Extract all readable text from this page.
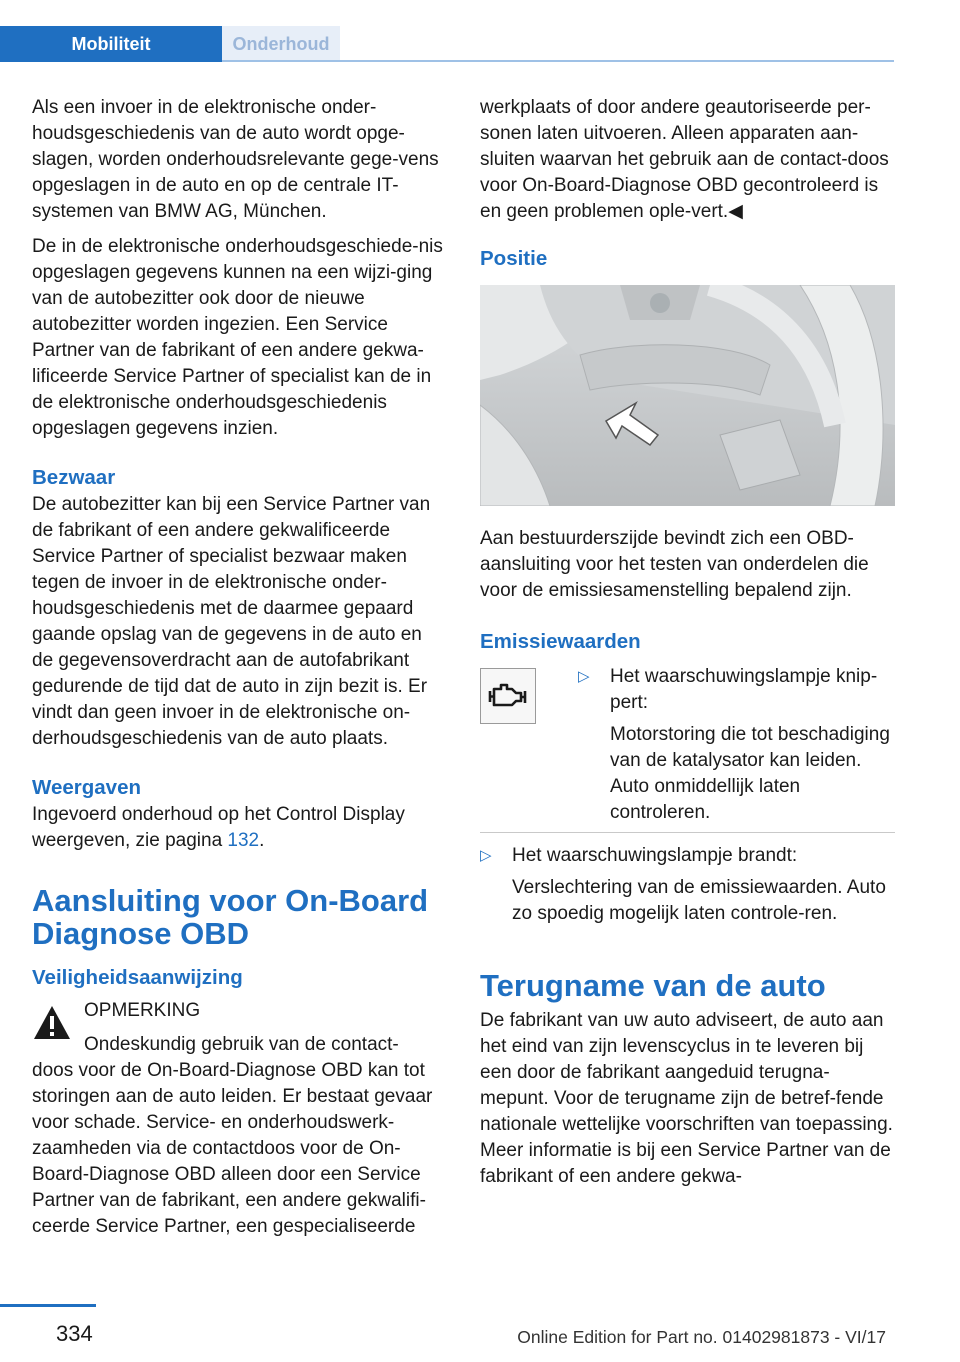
Mobiliteit	Onderhoud

Als een invoer in de elektronische onder-houdsgeschiedenis van de auto wordt opge-slagen, worden onderhoudsrelevante gege-vens opgeslagen in de auto en op de centrale IT-systemen van BMW AG, München.

De in de elektronische onderhoudsgeschiede-nis opgeslagen gegevens kunnen na een wijzi-ging van de autobezitter ook door de nieuwe autobezitter worden ingezien. Een Service Partner van de fabrikant of een andere gekwa-lificeerde Service Partner of specialist kan de in de elektronische onderhoudsgeschiedenis opgeslagen gegevens inzien.

Bezwaar

De autobezitter kan bij een Service Partner van de fabrikant of een andere gekwalificeerde Service Partner of specialist bezwaar maken tegen de invoer in de elektronische onder-houdsgeschiedenis met de daarmee gepaard gaande opslag van de gegevens in de auto en de gegevensoverdracht aan de autofabrikant gedurende de tijd dat de auto in zijn bezit is. Er vindt dan geen invoer in de elektronische on-derhoudsgeschiedenis van de auto plaats.

Weergaven

Ingevoerd onderhoud op het Control Display weergeven, zie pagina 132.

Aansluiting voor On-Board Diagnose OBD
Veiligheidsaanwijzing
OPMERKING
Ondeskundig gebruik van de contact-
doos voor de On-Board-Diagnose OBD kan tot storingen aan de auto leiden. Er bestaat gevaar voor schade. Service- en onderhoudswerk-zaamheden via de contactdoos voor de On-Board-Diagnose OBD alleen door een Service Partner van de fabrikant, een andere gekwalifi-ceerde Service Partner, een gespecialiseerde

werkplaats of door andere geautoriseerde per-sonen laten uitvoeren. Alleen apparaten aan-sluiten waarvan het gebruik aan de contact-doos voor On-Board-Diagnose OBD gecontroleerd is en geen problemen ople-vert.◀

Positie

Aan bestuurderszijde bevindt zich een OBD-aansluiting voor het testen van onderdelen die voor de emissiesamenstelling bepalend zijn.

Emissiewaarden
▷ Het waarschuwingslampje knip-pert:
Motorstoring die tot beschadiging van de katalysator kan leiden. Auto onmiddellijk laten controleren.
▷ Het waarschuwingslampje brandt:
Verslechtering van de emissiewaarden. Auto zo spoedig mogelijk laten controle-ren.
Terugname van de auto

De fabrikant van uw auto adviseert, de auto aan het eind van zijn levenscyclus in te leveren bij een door de fabrikant aangeduid terugna-mepunt. Voor de terugname zijn de betref-fende nationale wettelijke voorschriften van toepassing. Meer informatie is bij een Service Partner van de fabrikant of een andere gekwa-

334	Online Edition for Part no. 01402981873 - VI/17
